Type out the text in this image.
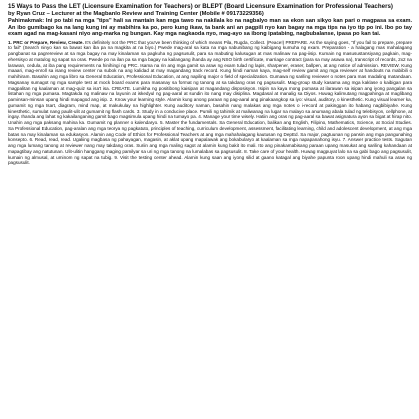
15 Ways to Pass the LET (Licensure Examination for Teachers) or BLEPT (Board Licensure Examination for Professional Teachers)
by Ryan Cruz – Lecturer at the Magbanlo Review and Training Center (Mobile # 09173229356)
Pahimakmak: Ini po tabi na mga "tips" hali sa mantain kan mga tawo na nakilala ko na nagbalyo man sa ekon san sikyo kan pari o magpasa sa exam. An ibo gumibago ka na lang kung ini ay mabihira ka po, pero kung ikaw, ta bank ani an pagpili nyo kan bagay na mga tips na iyo tip po ini. Ibo po tay exam agad na mag-kasani niyo ang-marka ng bungan. Kay mga nagkaoda nyo, mag-ayo sa ibong ipatabing, nagbubalanse, ipasa po kan tai.
1. PRC or Prepare, Review, Create. It's definitely not the PRC that you've been thinking of which means Pila, Rugda, Collect. (Peace!) PREPARE. As the saying goes, "If you fail to prepare, prepare to fail" (Search ninyo kan sa bawat kan iba pa na magkita at na biyo.) Pwede mag-aral sa kata na mga nabunibang ng kaibigang kumuha ng exam. Preparation - a halagang mas mahalagang pangbanat sa pagrereview at sa mga bagay na may kinalaman sa pagkuha ng pagsusulit, para sa mabuting kalusugan at mas malinaw na pag-iisip. Kumain ng masusustansiyang pagkain, mag-ehersisyo at matulog ng sapat na oras. Pwede po na ilan pa sa mga bagay na kailangang ihanda ay ang NSO birth certificate, marriage contract (para sa may asawa na), transcript of records, 2x2 na larawan, cedula, at iba pang requirements na hinihingi ng PRC. Isama na rin ang mga gamit sa araw ng exam tulad ng lapis, sharpener, eraser, ballpen, at ang notice of admission. REVIEW. Kung maaari, mag-enroll sa isang review center na subok na ang kalidad at may magandang track record. Kung hindi naman kaya, mag-self review gamit ang mga reviewer at handouts na mabibili o mahihiram. Basahin ang mga libro sa General Education, Professional Education, at ang napiling major o field of specialization. Gumawa ng sariling reviewer o notes para mas madaling matandaan. Magsanay sumagot ng mga sample test at mock board exams para masanay sa format ng tanong at sa takdang oras ng pagsusulit. Mag-group study kasama ang mga kaklase o kaibigan para magpalitan ng kaalaman at mag-quiz sa isa't isa. CREATE. Lumikha ng positibong kaisipan at magandang disposisyon. Isipin na kaya mong pumasa at ilarawan sa isipan ang iyong pangalan sa listahan ng mga pumasa. Magtakda ng malinaw na layunin at iskedyul ng pag-aaral at sundin ito nang may disiplina. Magdasal at manalig sa Diyos. Huwag kalimutang magpahinga at maglibang paminsan-minsan upang hindi mapagod ang isip. 2. Know your learning style. Alamin kung anong paraan ng pag-aaral ang pinakaangkop sa iyo: visual, auditory, o kinesthetic. Kung visual learner ka, gumamit ng mga tsart, diagram, mind map, at makukulay na highlighter. Kung auditory naman, basahin nang malakas ang mga notes o i-record at pakinggan ito habang nagbibiyahe. Kung kinesthetic, sumulat nang paulit-ulit at gumamit ng flash cards. 3. Study in a conducive place. Pumili ng tahimik at maliwanag na lugar na malayo sa anumang abala tulad ng telebisyon, cellphone, at ingay. Ihanda ang lahat ng kakailanganing gamit bago magsimula upang hindi na tumayo pa. 4. Manage your time wisely. Hatiin ang oras ng pag-aaral sa bawat asignatura ayon sa bigat at hirap nito. Unahin ang mga paksang mahina ka. Gumamit ng planner o kalendaryo. 5. Master the fundamentals. Sa General Education, balikan ang English, Filipino, Mathematics, Science, at Social Studies. Sa Professional Education, pag-aralan ang mga teorya ng pagkatuto, principles of teaching, curriculum development, assessment, facilitating learning, child and adolescent development, at ang mga batas na may kinalaman sa edukasyon. Alamin ang Code of Ethics for Professional Teachers at ang mga mahahalagang kautusan ng DepEd. Sa major, pagtuunan ng pansin ang mga pangunahing konsepto. 6. Read, read, read. Ugaliing magbasa ng pahayagan, magasin, at aklat upang mapalawak ang bokabularyo at kaalaman sa mga napapanahong isyu. 7. Answer practice tests. Sagutan ang mga lumang tanong at reviewer nang may takdang oras. Suriin ang mga maling sagot at alamin kung bakit ito mali. Ito ang pinakamabisang paraan upang masukat ang sariling kahandaan at mapagtibay ang natutunan. Ulit-ulitin hanggang maging pamilyar sa uri ng mga tanong na lumalabas sa pagsusulit. 8. Take care of your health. Huwag magpuyat lalo na sa gabi bago ang pagsusulit, kumain ng almusal, at uminom ng sapat na tubig. 9. Visit the testing center ahead. Alamin kung saan ang iyong silid at gaano katagal ang biyahe papunta roon upang hindi mahuli sa araw ng pagsusulit.
